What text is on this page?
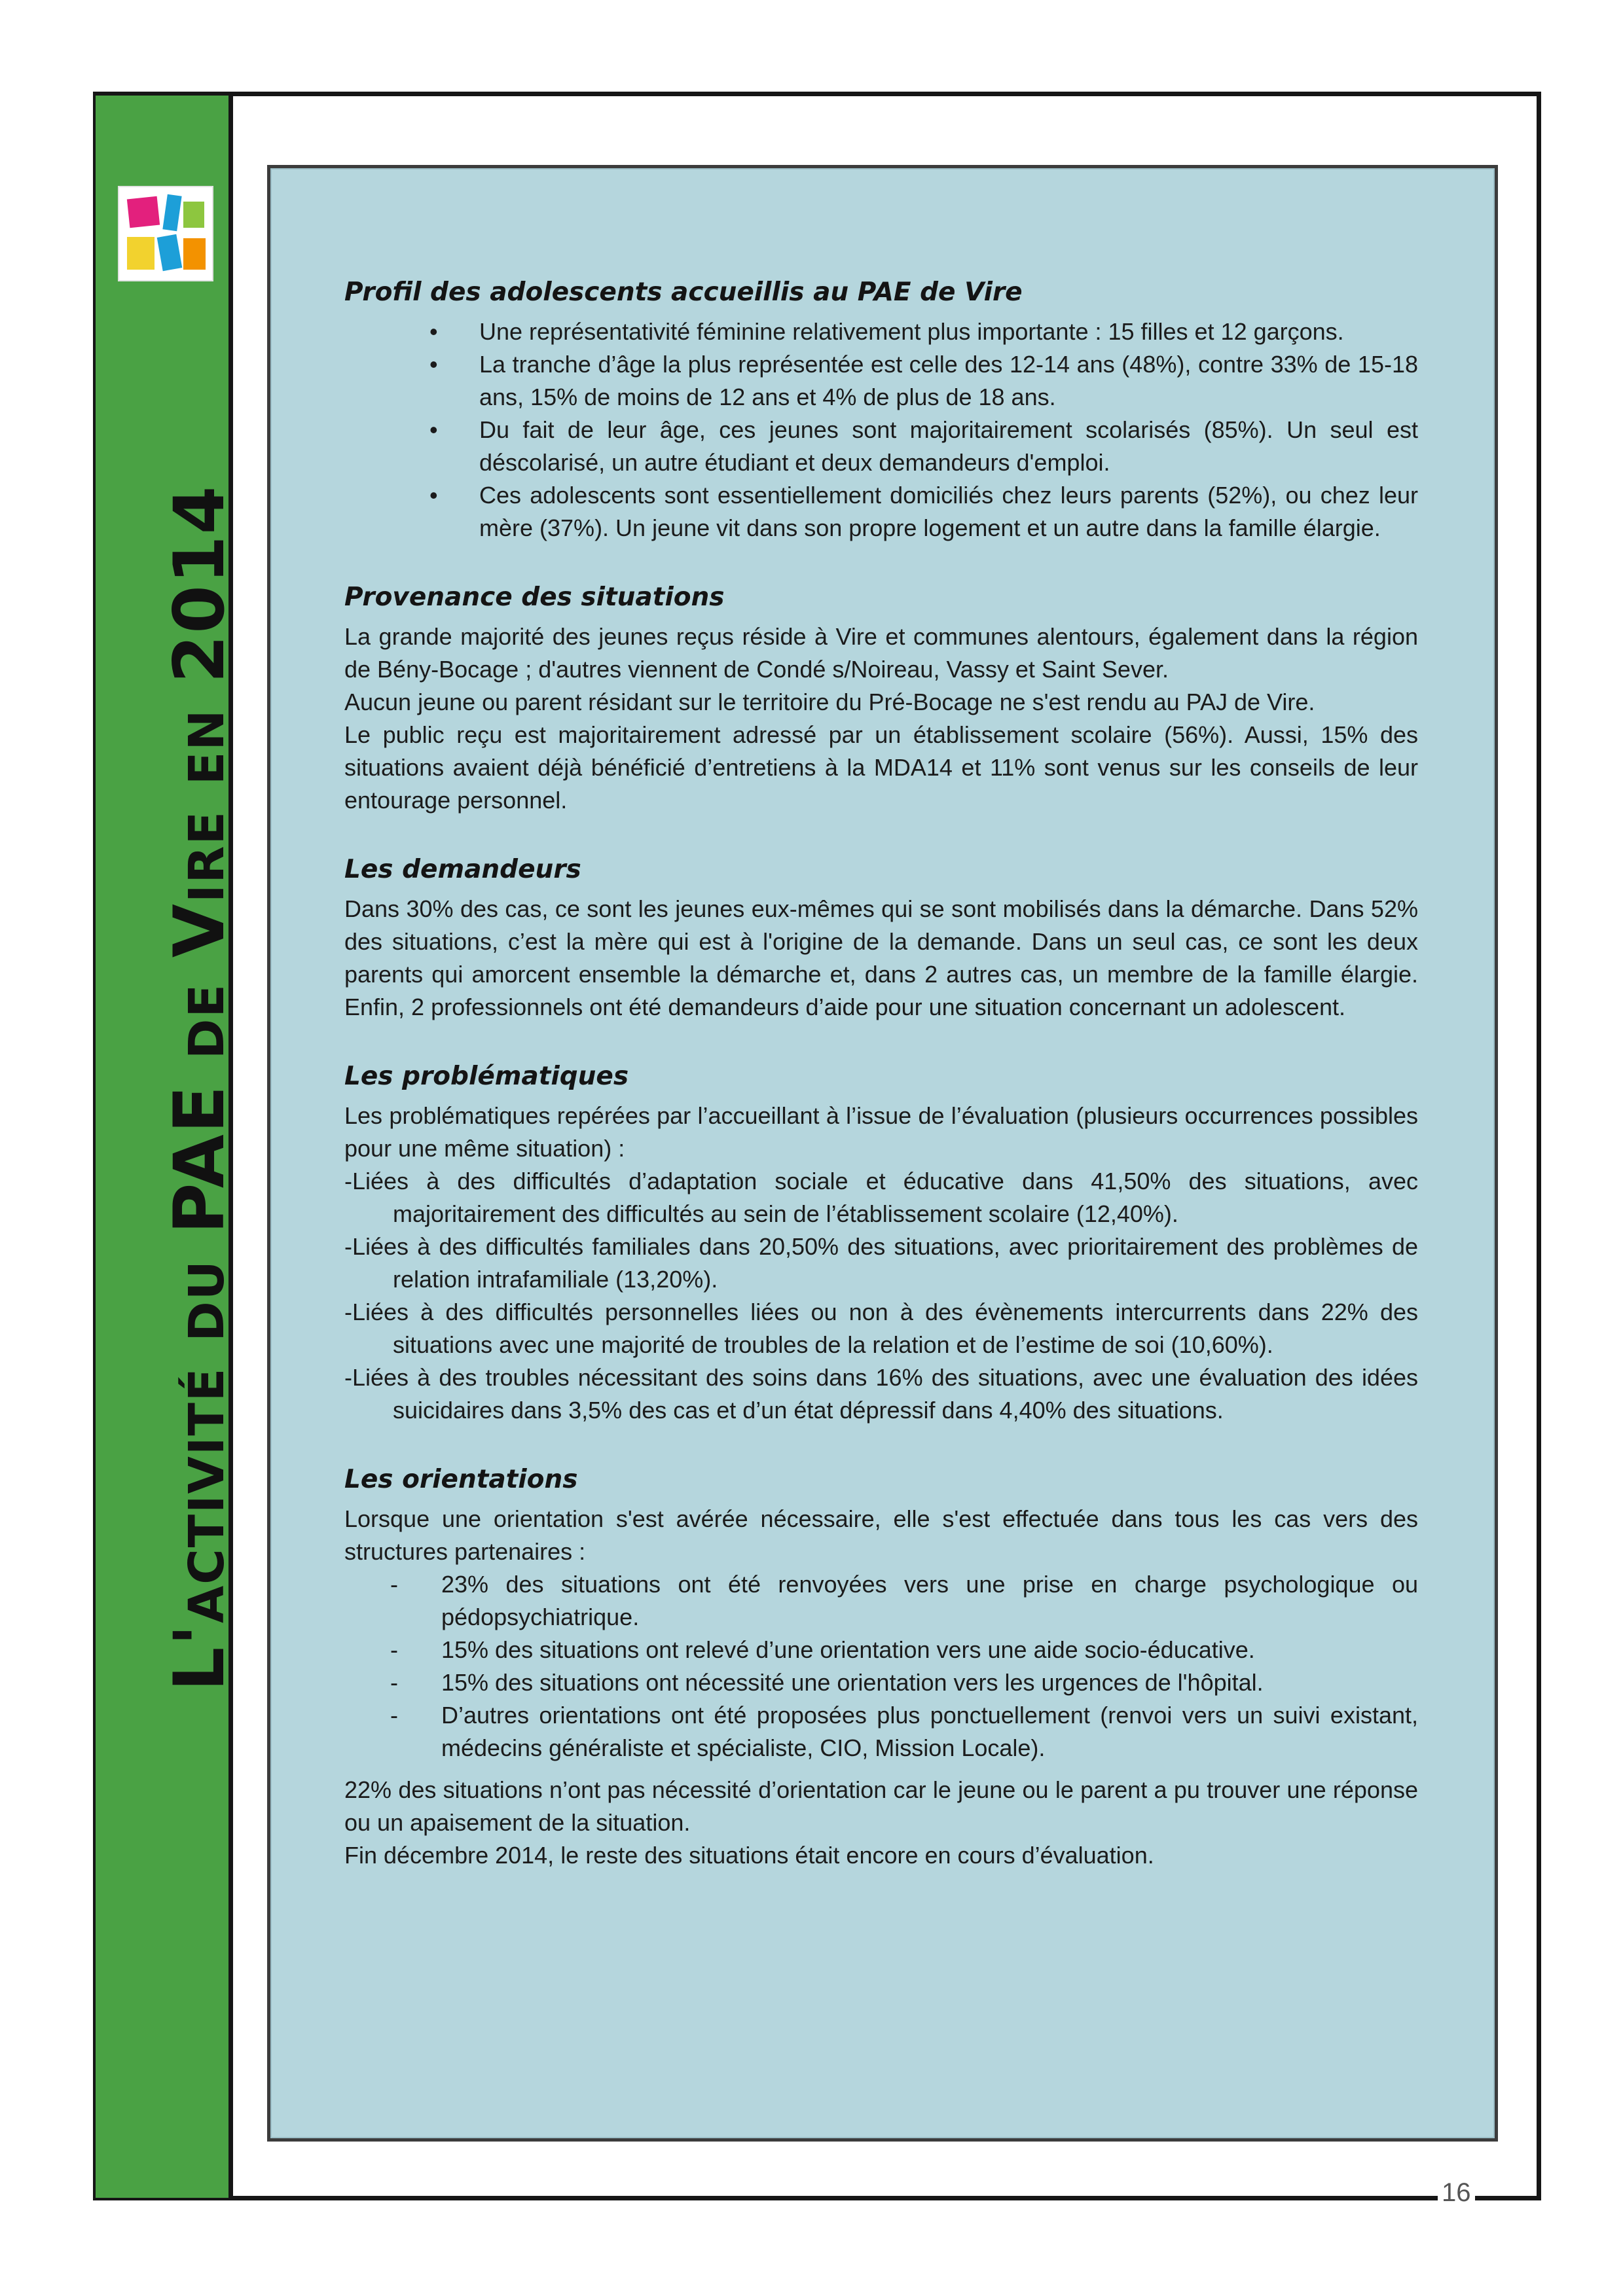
L'activité du PAE de Vire en 2014
Profil des adolescents accueillis au PAE de Vire
• Une représentativité féminine relativement plus importante : 15 filles et 12 garçons.
• La tranche d’âge la plus représentée est celle des 12-14 ans (48%), contre 33% de 15-18 ans, 15% de moins de 12 ans et 4% de plus de 18 ans.
• Du fait de leur âge, ces jeunes sont majoritairement scolarisés (85%). Un seul est déscolarisé, un autre étudiant et deux demandeurs d'emploi.
• Ces adolescents sont essentiellement domiciliés chez leurs parents (52%), ou chez leur mère (37%). Un jeune vit dans son propre logement et un autre dans la famille élargie.
Provenance des situations

La grande majorité des jeunes reçus réside à Vire et communes alentours, également dans la région de Bény-Bocage ; d'autres viennent de Condé s/Noireau, Vassy et Saint Sever.

Aucun jeune ou parent résidant sur le territoire du Pré-Bocage ne s'est rendu au PAJ de Vire.

Le public reçu est majoritairement adressé par un établissement scolaire (56%). Aussi, 15% des situations avaient déjà bénéficié d’entretiens à la MDA14 et 11% sont venus sur les conseils de leur entourage personnel.

Les demandeurs

Dans 30% des cas, ce sont les jeunes eux-mêmes qui se sont mobilisés dans la démarche. Dans 52% des situations, c’est la mère qui est à l'origine de la demande. Dans un seul cas, ce sont les deux parents qui amorcent ensemble la démarche et, dans 2 autres cas, un membre de la famille élargie. Enfin, 2 professionnels ont été demandeurs d’aide pour une situation concernant un adolescent.

Les problématiques

Les problématiques repérées par l’accueillant à l’issue de l’évaluation (plusieurs occurrences possibles pour une même situation) :

-Liées à des difficultés d’adaptation sociale et éducative dans 41,50% des situations, avec majoritairement des difficultés au sein de l’établissement scolaire (12,40%).

-Liées à des difficultés familiales dans 20,50% des situations, avec prioritairement des problèmes de relation intrafamiliale (13,20%).

-Liées à des difficultés personnelles liées ou non à des évènements intercurrents dans 22% des situations avec une majorité de troubles de la relation et de l’estime de soi (10,60%).

-Liées à des troubles nécessitant des soins dans 16% des situations, avec une évaluation des idées suicidaires dans 3,5% des cas et d’un état dépressif dans 4,40% des situations.

Les orientations

Lorsque une orientation s'est avérée nécessaire, elle s'est effectuée dans tous les cas vers des structures partenaires :

- 23% des situations ont été renvoyées vers une prise en charge psychologique ou pédopsychiatrique.
- 15% des situations ont relevé d’une orientation vers une aide socio-éducative.
- 15% des situations ont nécessité une orientation vers les urgences de l'hôpital.
- D’autres orientations ont été proposées plus ponctuellement (renvoi vers un suivi existant, médecins généraliste et spécialiste, CIO, Mission Locale).

22% des situations n’ont pas nécessité d’orientation car le jeune ou le parent a pu trouver une réponse ou un apaisement de la situation.

Fin décembre 2014, le reste des situations était encore en cours d’évaluation.

16
